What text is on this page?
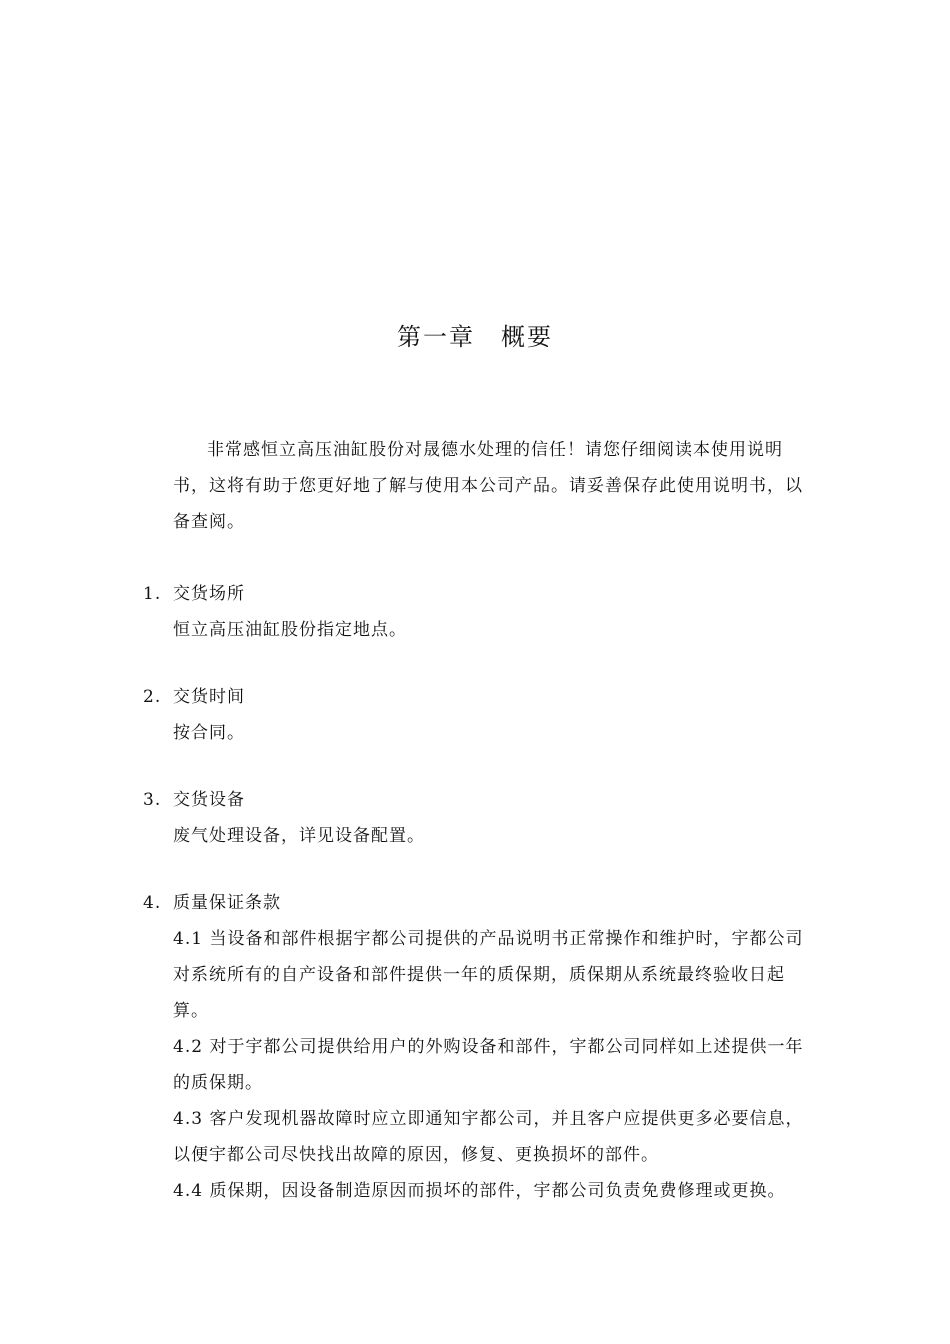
第一章　概要
非常感恒立高压油缸股份对晟德水处理的信任！请您仔细阅读本使用说明书，这将有助于您更好地了解与使用本公司产品。请妥善保存此使用说明书，以备查阅。
1. 交货场所
恒立高压油缸股份指定地点。
2. 交货时间
按合同。
3. 交货设备
废气处理设备，详见设备配置。
4. 质量保证条款
4.1 当设备和部件根据宇都公司提供的产品说明书正常操作和维护时，宇都公司对系统所有的自产设备和部件提供一年的质保期，质保期从系统最终验收日起算。
4.2 对于宇都公司提供给用户的外购设备和部件，宇都公司同样如上述提供一年的质保期。
4.3 客户发现机器故障时应立即通知宇都公司，并且客户应提供更多必要信息，以便宇都公司尽快找出故障的原因，修复、更换损坏的部件。
4.4 质保期，因设备制造原因而损坏的部件，宇都公司负责免费修理或更换。
